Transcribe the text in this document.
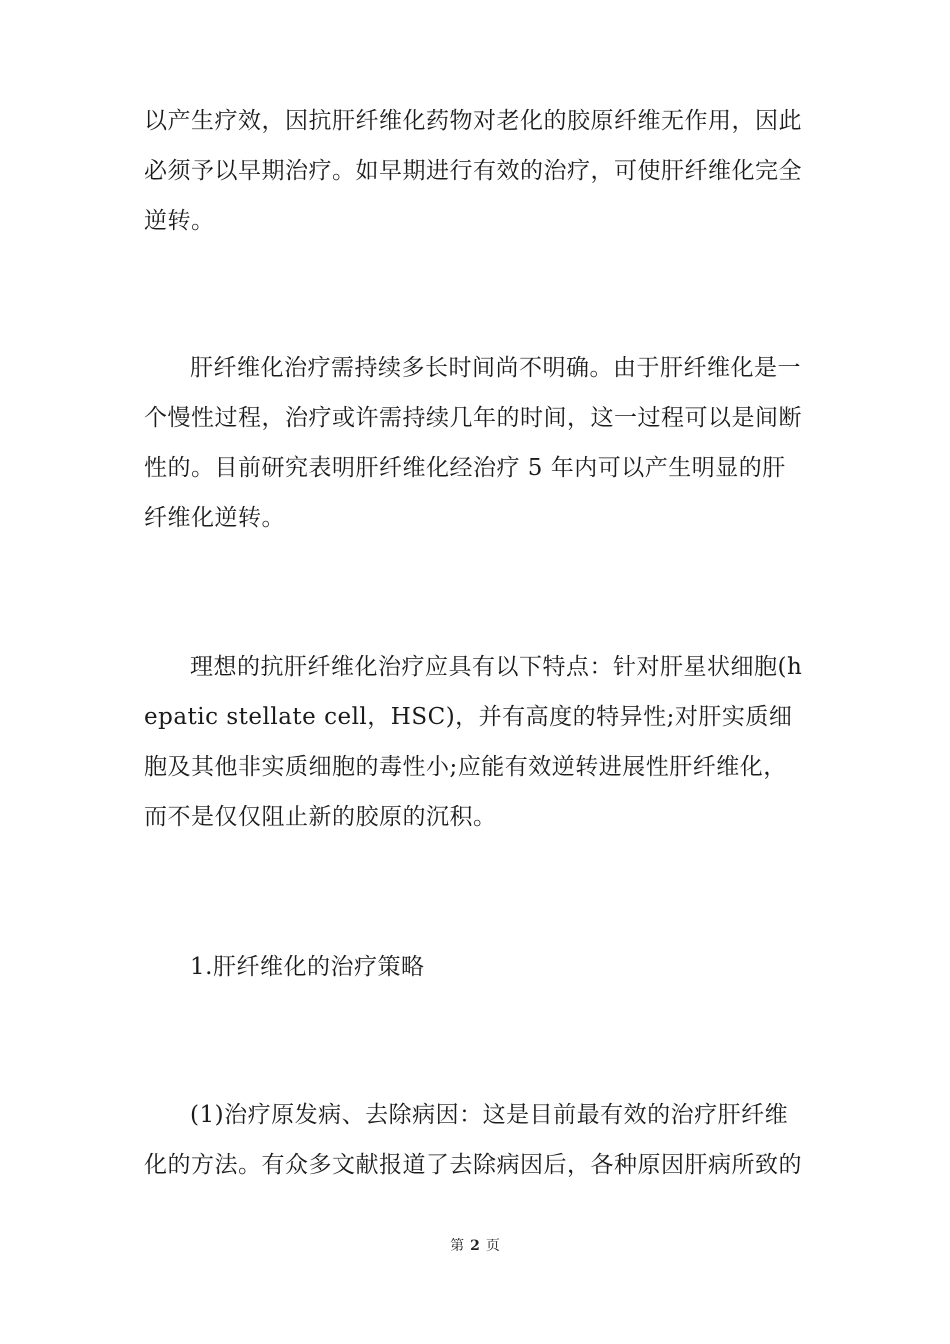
以产生疗效，因抗肝纤维化药物对老化的胶原纤维无作用，因此必须予以早期治疗。如早期进行有效的治疗，可使肝纤维化完全逆转。

肝纤维化治疗需持续多长时间尚不明确。由于肝纤维化是一个慢性过程，治疗或许需持续几年的时间，这一过程可以是间断性的。目前研究表明肝纤维化经治疗 5 年内可以产生明显的肝纤维化逆转。

理想的抗肝纤维化治疗应具有以下特点：针对肝星状细胞(hepatic stellate cell，HSC)，并有高度的特异性;对肝实质细胞及其他非实质细胞的毒性小;应能有效逆转进展性肝纤维化，而不是仅仅阻止新的胶原的沉积。

1.肝纤维化的治疗策略

(1)治疗原发病、去除病因：这是目前最有效的治疗肝纤维化的方法。有众多文献报道了去除病因后，各种原因肝病所致的

第 2 页
